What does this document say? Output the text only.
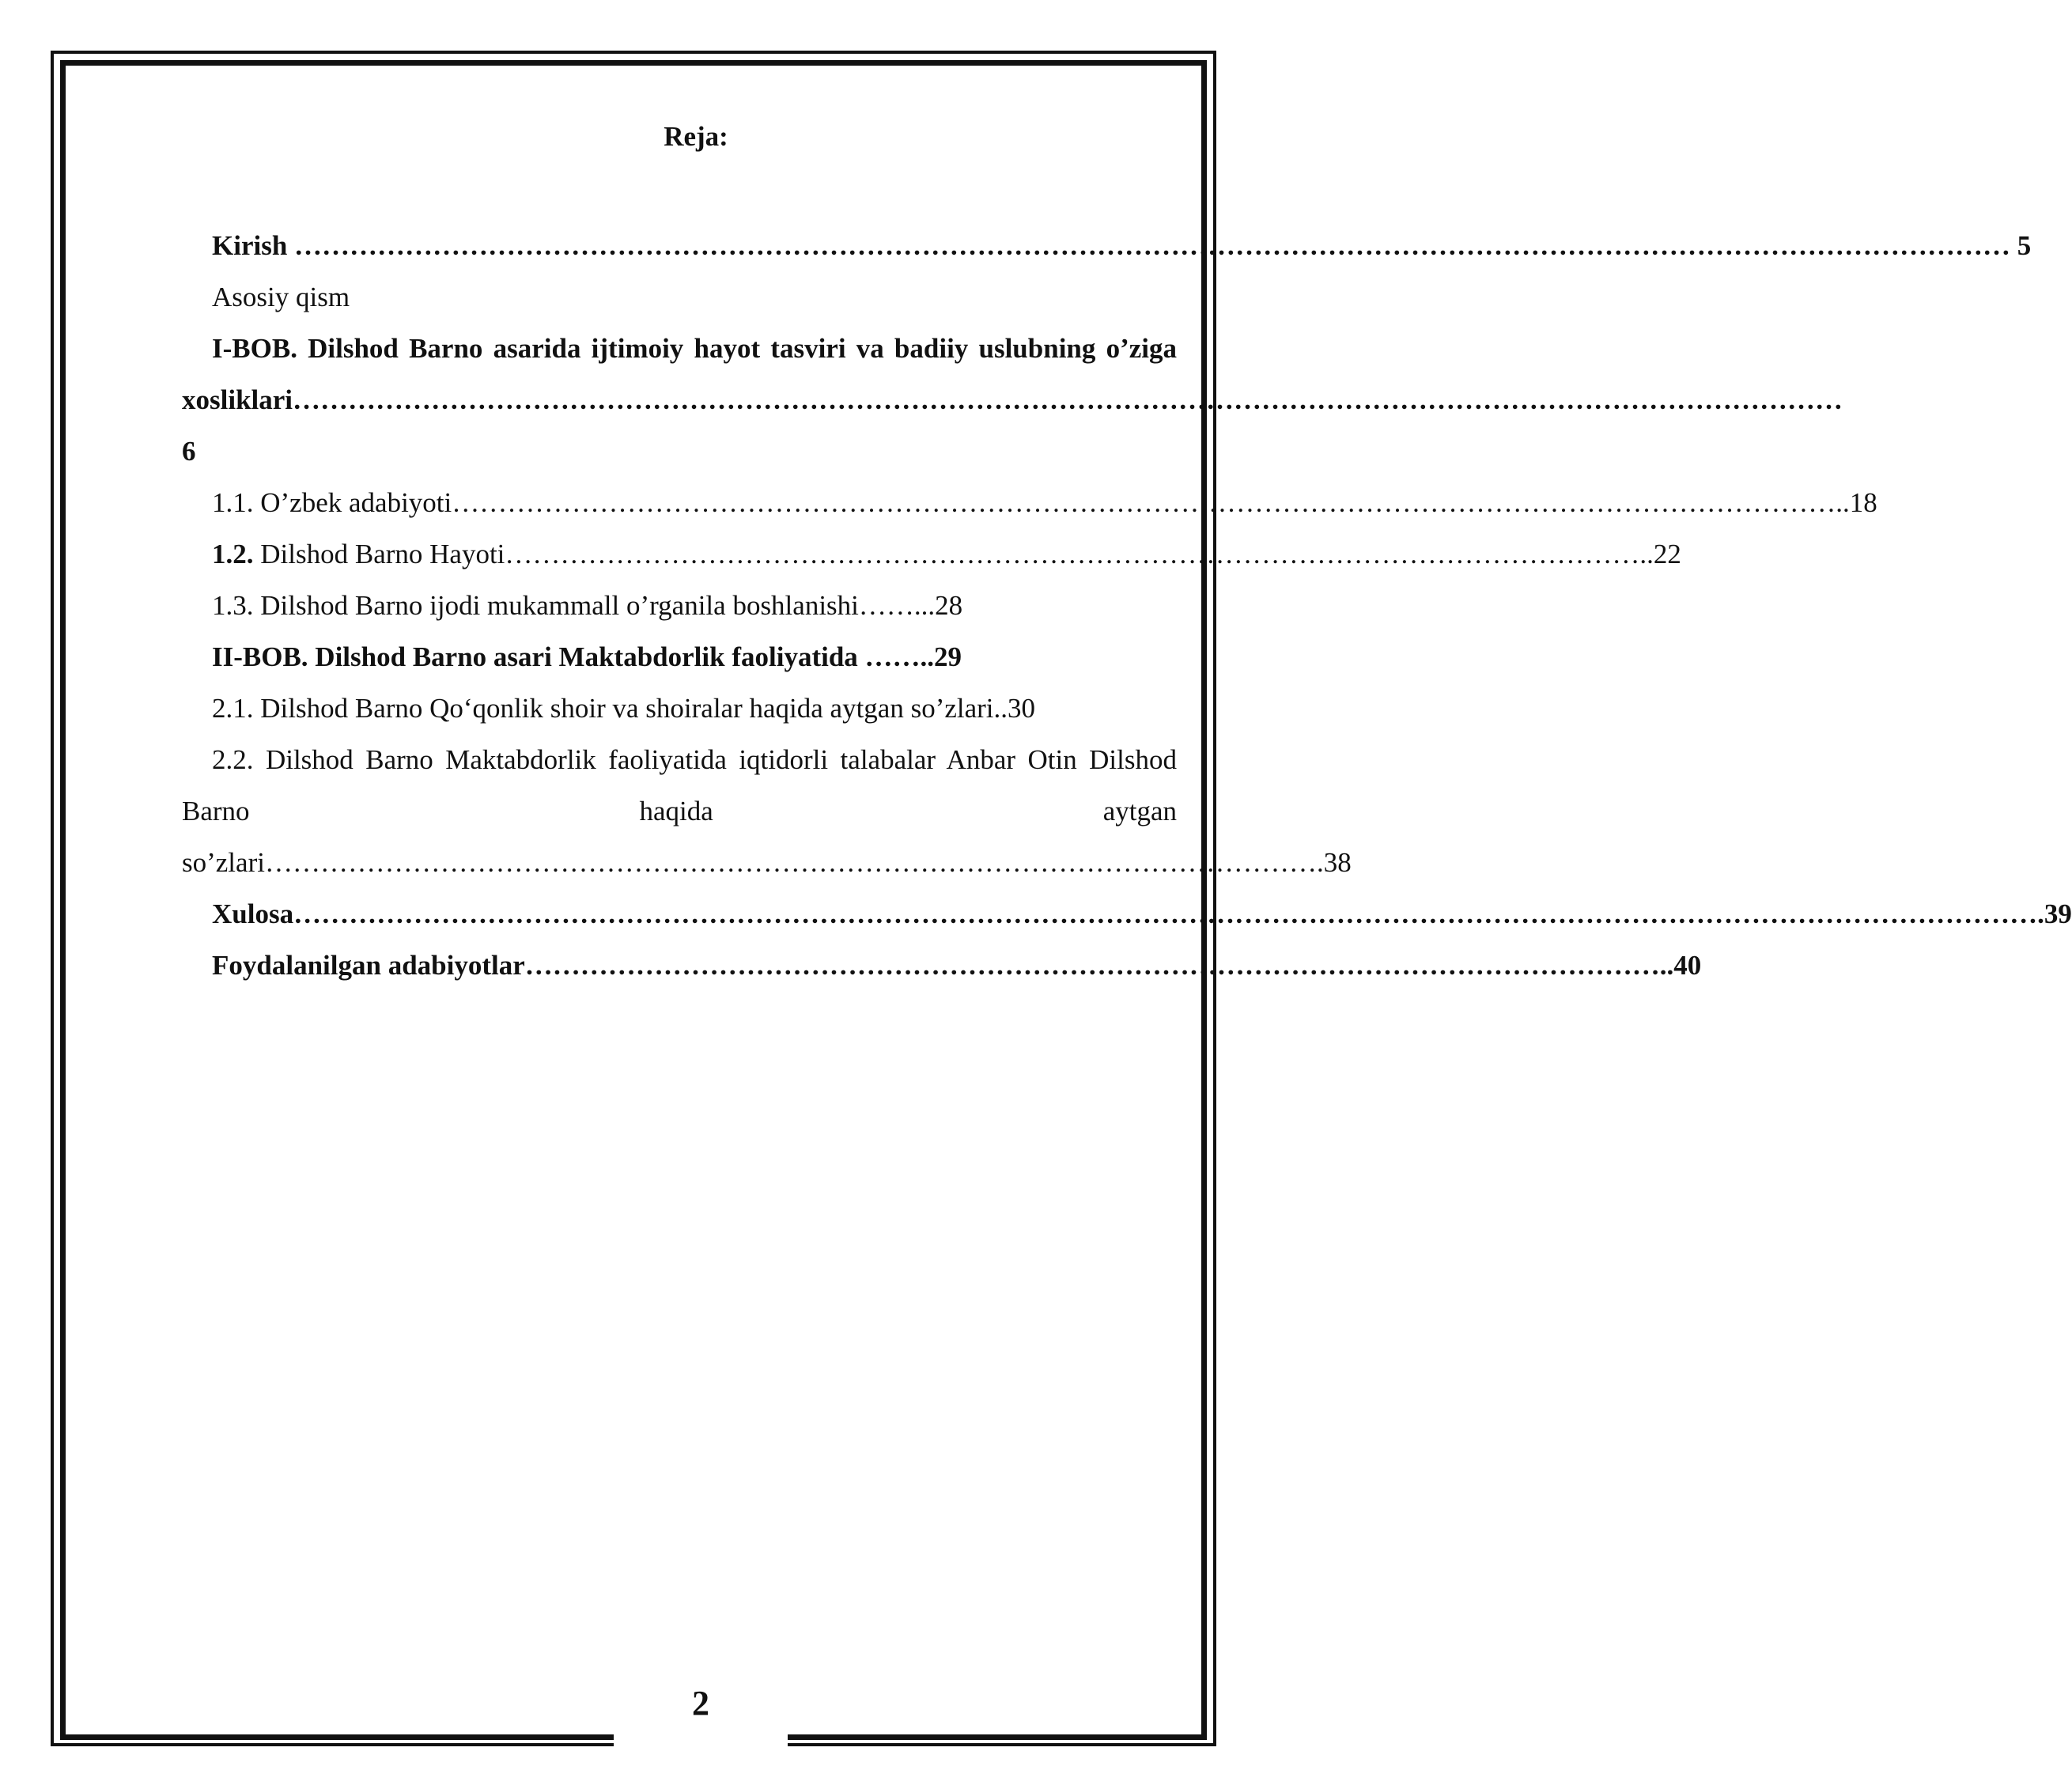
Reja:
Kirish …………………………………………………………………………………………………………………………………………………………………… 5
Asosiy qism
I-BOB. Dilshod Barno asarida ijtimoiy hayot tasviri va badiiy uslubning o’ziga xosliklari……………………………………………………………………………………………………………………………………………………6
1.1. O’zbek adabiyoti……………………………………………………………………………………………………………………………………..18
1.2. Dilshod Barno Hayoti……………………………………………………………………………………………………………..22
1.3. Dilshod Barno ijodi mukammall o’rganila boshlanishi……...28
II-BOB. Dilshod Barno asari Maktabdorlik faoliyatida ……..29
2.1. Dilshod Barno Qo‘qonlik shoir va shoiralar haqida aytgan so’zlari..30
2.2. Dilshod Barno Maktabdorlik faoliyatida iqtidorli talabalar Anbar Otin Dilshod Barno haqida aytgan so’zlari…………………………………………………………………………………………………….38
Xulosa……………………………………………………………………………………………………………………………………………………………………….39
Foydalanilgan adabiyotlar……………………………………………………………………………………………………………..40
2
